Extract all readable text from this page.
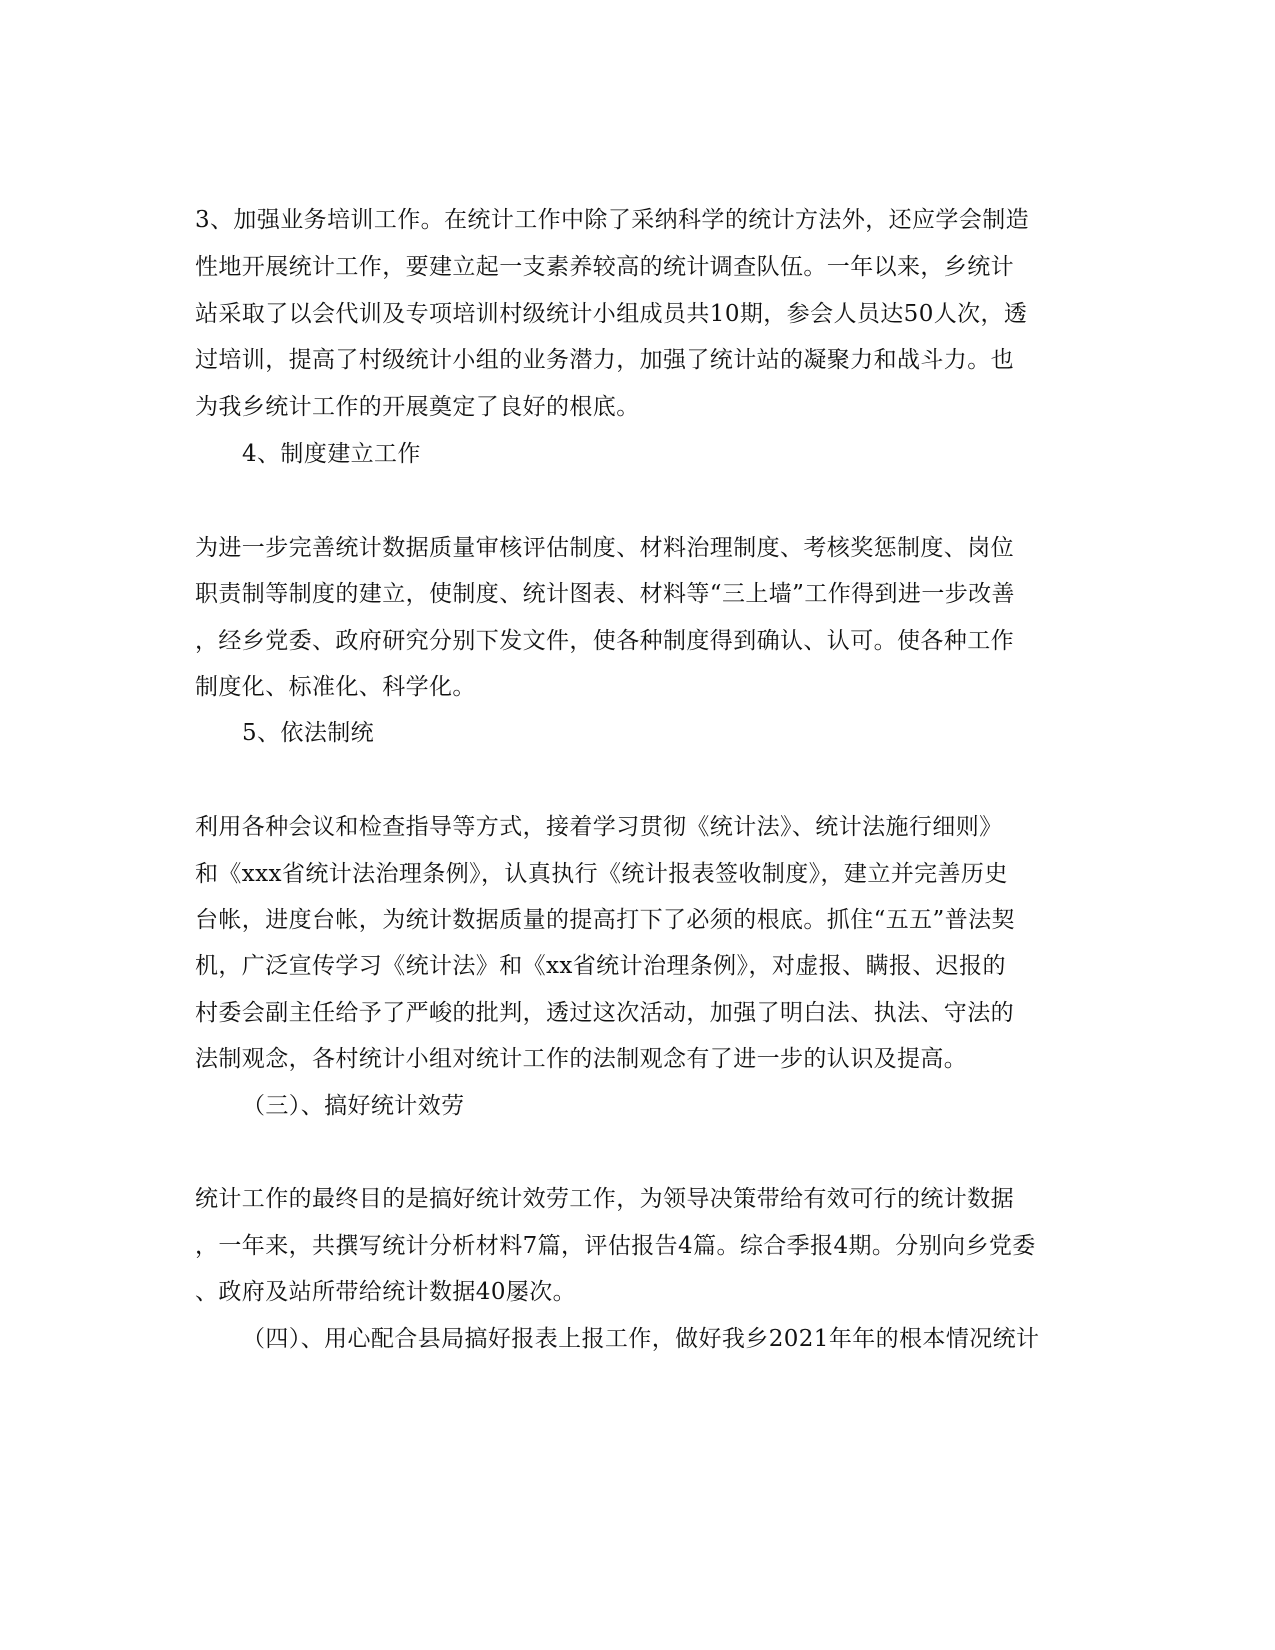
3、加强业务培训工作。在统计工作中除了采纳科学的统计方法外，还应学会制造
性地开展统计工作，要建立起一支素养较高的统计调查队伍。一年以来，乡统计
站采取了以会代训及专项培训村级统计小组成员共10期，参会人员达50人次，透
过培训，提高了村级统计小组的业务潜力，加强了统计站的凝聚力和战斗力。也
为我乡统计工作的开展奠定了良好的根底。
4、制度建立工作
为进一步完善统计数据质量审核评估制度、材料治理制度、考核奖惩制度、岗位
职责制等制度的建立，使制度、统计图表、材料等“三上墙”工作得到进一步改善
，经乡党委、政府研究分别下发文件，使各种制度得到确认、认可。使各种工作
制度化、标准化、科学化。
5、依法制统
利用各种会议和检查指导等方式，接着学习贯彻《统计法》、统计法施行细则》
和《xxx省统计法治理条例》，认真执行《统计报表签收制度》，建立并完善历史
台帐，进度台帐，为统计数据质量的提高打下了必须的根底。抓住“五五”普法契
机，广泛宣传学习《统计法》和《xx省统计治理条例》，对虚报、瞒报、迟报的
村委会副主任给予了严峻的批判，透过这次活动，加强了明白法、执法、守法的
法制观念，各村统计小组对统计工作的法制观念有了进一步的认识及提高。
（三）、搞好统计效劳
统计工作的最终目的是搞好统计效劳工作，为领导决策带给有效可行的统计数据
，一年来，共撰写统计分析材料7篇，评估报告4篇。综合季报4期。分别向乡党委
、政府及站所带给统计数据40屡次。
（四）、用心配合县局搞好报表上报工作，做好我乡2021年年的根本情况统计
